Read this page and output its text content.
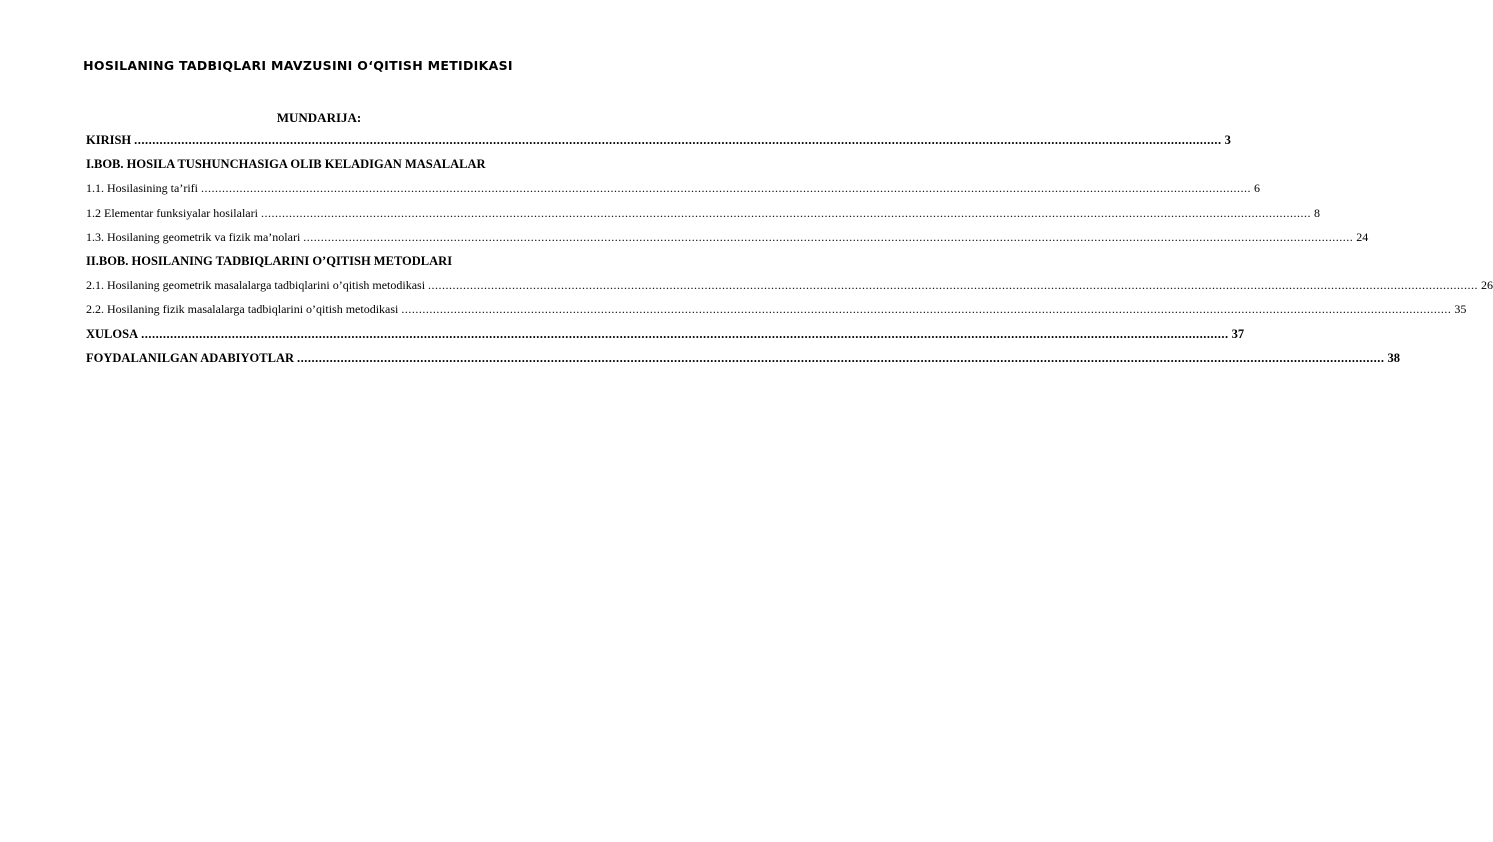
HOSILANING TADBIQLARI MAVZUSINI O‘QITISH METIDIKASI
MUNDARIJA:
KIRISH ............................................................................................................................................................................................................................................................................................................ 3
I.BOB. HOSILA TUSHUNCHASIGA OLIB KELADIGAN MASALALAR
1.1. Hosilasining ta’rifi ............................................................................................................................................................................................................................................................................................................ 6
1.2 Elementar funksiyalar hosilalari ............................................................................................................................................................................................................................................................................................................ 8
1.3. Hosilaning geometrik va fizik ma’nolari ............................................................................................................................................................................................................................................................................................................ 24
II.BOB. HOSILANING TADBIQLARINI O’QITISH METODLARI
2.1. Hosilaning geometrik masalalarga tadbiqlarini o’qitish metodikasi ............................................................................................................................................................................................................................................................................................................ 26
2.2. Hosilaning fizik masalalarga tadbiqlarini o’qitish metodikasi ............................................................................................................................................................................................................................................................................................................ 35
XULOSA ............................................................................................................................................................................................................................................................................................................ 37
FOYDALANILGAN ADABIYOTLAR ............................................................................................................................................................................................................................................................................................................ 38
